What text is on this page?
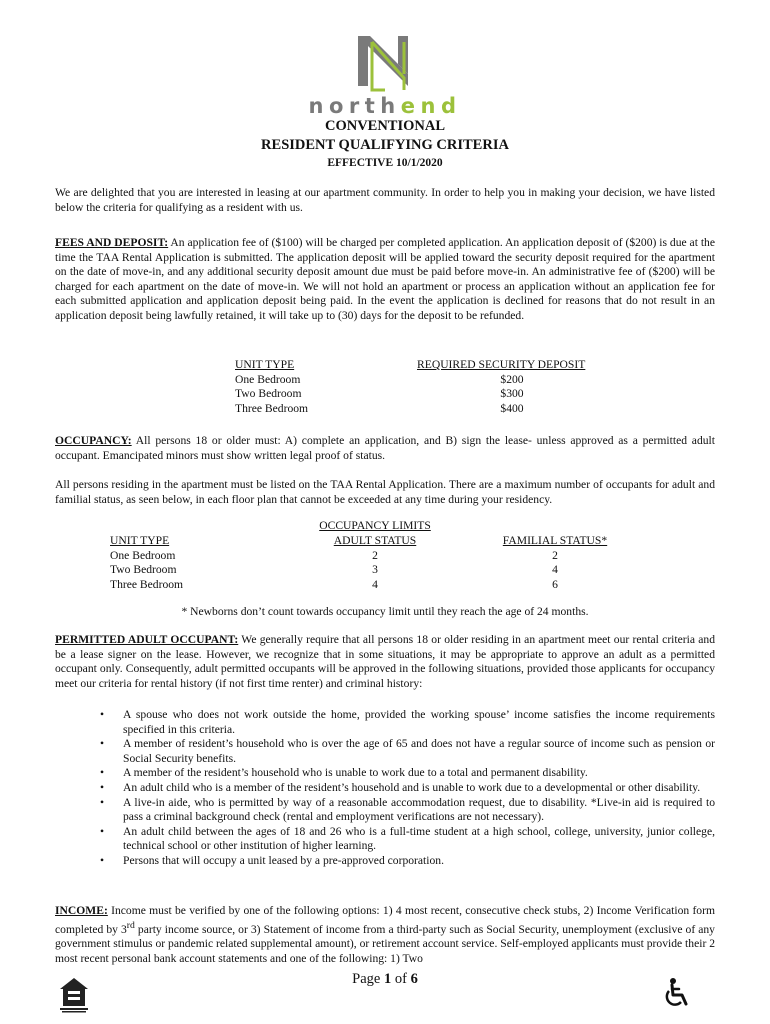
northend
CONVENTIONAL
RESIDENT QUALIFYING CRITERIA
EFFECTIVE 10/1/2020

We are delighted that you are interested in leasing at our apartment community. In order to help you in making your decision, we have listed below the criteria for qualifying as a resident with us.

FEES AND DEPOSIT: An application fee of ($100) will be charged per completed application. An application deposit of ($200) is due at the time the TAA Rental Application is submitted. The application deposit will be applied toward the security deposit required for the apartment on the date of move-in, and any additional security deposit amount due must be paid before move-in. An administrative fee of ($200) will be charged for each apartment on the date of move-in. We will not hold an apartment or process an application without an application fee for each submitted application and application deposit being paid. In the event the application is declined for reasons that do not result in an application deposit being lawfully retained, it will take up to (30) days for the deposit to be refunded.

UNIT TYPE
One Bedroom
Two Bedroom
Three Bedroom
REQUIRED SECURITY DEPOSIT
$200
$300
$400

OCCUPANCY: All persons 18 or older must: A) complete an application, and B) sign the lease- unless approved as a permitted adult occupant. Emancipated minors must show written legal proof of status.

All persons residing in the apartment must be listed on the TAA Rental Application. There are a maximum number of occupants for adult and familial status, as seen below, in each floor plan that cannot be exceeded at any time during your residency.

OCCUPANCY LIMITS
UNIT TYPE
One Bedroom
Two Bedroom
Three Bedroom
ADULT STATUS
2
3
4
FAMILIAL STATUS*
2
4
6
* Newborns don’t count towards occupancy limit until they reach the age of 24 months.

PERMITTED ADULT OCCUPANT: We generally require that all persons 18 or older residing in an apartment meet our rental criteria and be a lease signer on the lease. However, we recognize that in some situations, it may be appropriate to approve an adult as a permitted occupant only. Consequently, adult permitted occupants will be approved in the following situations, provided those applicants for occupancy meet our criteria for rental history (if not first time renter) and criminal history:

• A spouse who does not work outside the home, provided the working spouse’ income satisfies the income requirements specified in this criteria.
• A member of resident’s household who is over the age of 65 and does not have a regular source of income such as pension or Social Security benefits.
• A member of the resident’s household who is unable to work due to a total and permanent disability.
• An adult child who is a member of the resident’s household and is unable to work due to a developmental or other disability.
• A live-in aide, who is permitted by way of a reasonable accommodation request, due to disability. *Live-in aid is required to pass a criminal background check (rental and employment verifications are not necessary).
• An adult child between the ages of 18 and 26 who is a full-time student at a high school, college, university, junior college, technical school or other institution of higher learning.
• Persons that will occupy a unit leased by a pre-approved corporation.

INCOME: Income must be verified by one of the following options: 1) 4 most recent, consecutive check stubs, 2) Income Verification form completed by 3rd party income source, or 3) Statement of income from a third-party such as Social Security, unemployment (exclusive of any government stimulus or pandemic related supplemental amount), or retirement account service. Self-employed applicants must provide their 2 most recent personal bank account statements and one of the following: 1) Two

Page 1 of 6
